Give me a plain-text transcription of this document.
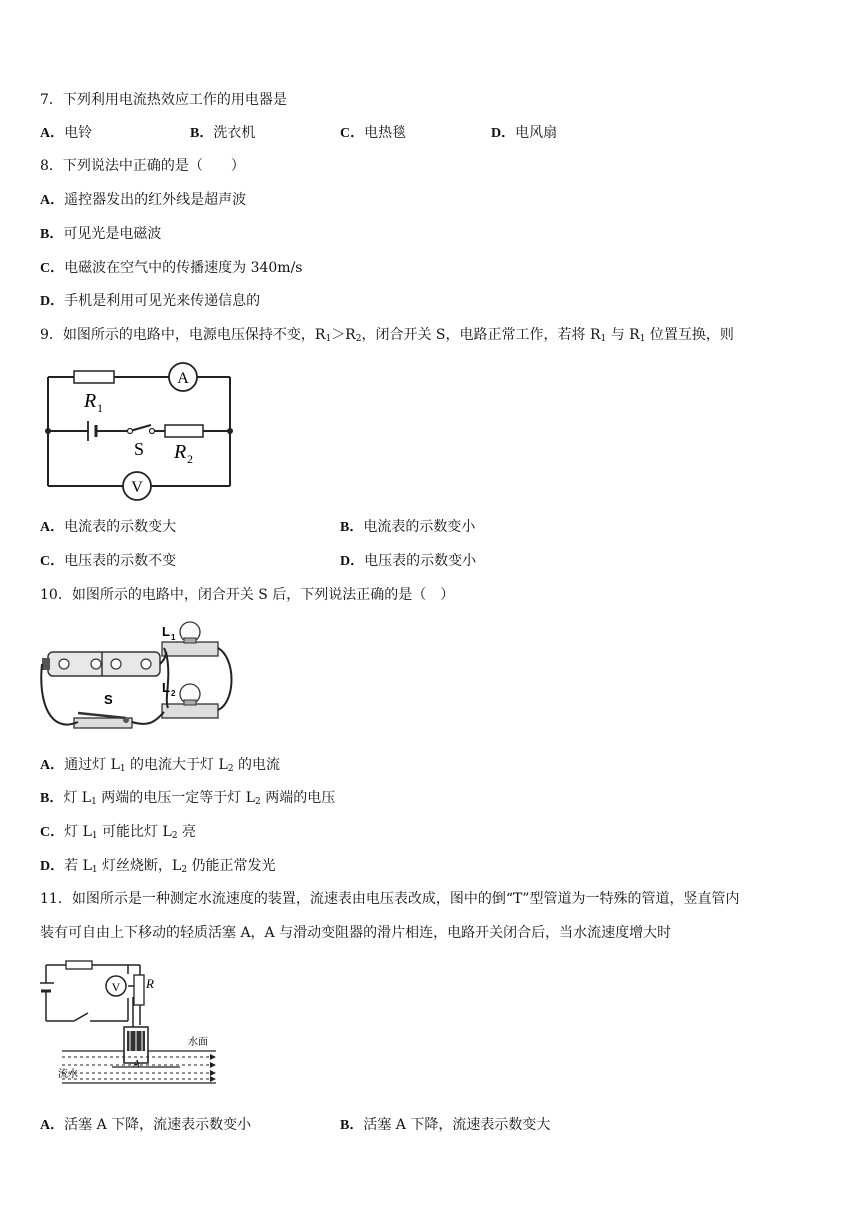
7．下列利用电流热效应工作的用电器是
A．电铃	B．洗衣机	C．电热毯	D．电风扇
8．下列说法中正确的是（　　）
A．遥控器发出的红外线是超声波
B．可见光是电磁波
C．电磁波在空气中的传播速度为 340m/s
D．手机是利用可见光来传递信息的
9．如图所示的电路中，电源电压保持不变，$R_1>R_2$，闭合开关 S，电路正常工作，若将 $R_1$ 与 $R_1$ 位置互换，则
A
V
R 1
S R 2
A．电流表的示数变大	B．电流表的示数变小
C．电压表的示数不变	D．电压表的示数变小
10．如图所示的电路中，闭合开关 S 后，下列说法正确的是（　）
L 1
L 2
S
A．通过灯 $L_1$ 的电流大于灯 $L_2$ 的电流
B．灯 $L_1$ 两端的电压一定等于灯 $L_2$ 两端的电压
C．灯 $L_1$ 可能比灯 $L_2$ 亮
D．若 $L_1$ 灯丝烧断，$L_2$ 仍能正常发光
11．如图所示是一种测定水流速度的装置，流速表由电压表改成，图中的倒“T”型管道为一特殊的管道，竖直管内
装有可自由上下移动的轻质活塞 A，A 与滑动变阻器的滑片相连，电路开关闭合后，当水流速度增大时
V R
A
水面
流水
A．活塞 A 下降，流速表示数变小	B．活塞 A 下降，流速表示数变大
